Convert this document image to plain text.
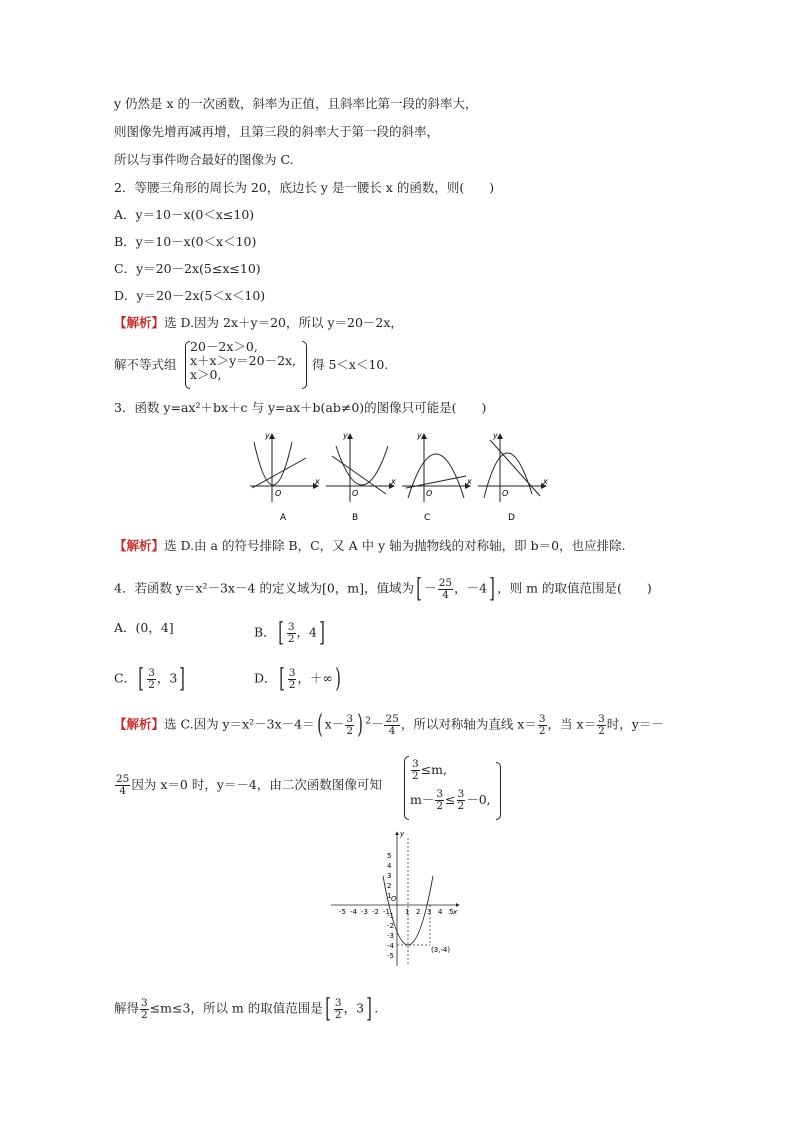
y 仍然是 x 的一次函数，斜率为正值，且斜率比第一段的斜率大，
则图像先增再减再增，且第三段的斜率大于第一段的斜率，
所以与事件吻合最好的图像为 C.
2．等腰三角形的周长为 20，底边长 y 是一腰长 x 的函数，则(　　)
A．y＝10－x(0＜x≤10)
B．y＝10－x(0＜x＜10)
C．y＝20－2x(5≤x≤10)
D．y＝20－2x(5＜x＜10)
【解析】选 D.因为 2x＋y＝20，所以 y＝20－2x，
解不等式组
20－2x＞0,
x＋x＞y＝20－2x,
x＞0,
得 5＜x＜10.
3．函数 y=ax²＋bx＋c 与 y=ax＋b(ab≠0)的图像只可能是(　　)
y
x
O
A
y
x
O
B
y
x
O
C
y
x
O
D
【解析】选 D.由 a 的符号排除 B，C，又 A 中 y 轴为抛物线的对称轴，即 b＝0，也应排除.
4．若函数 y＝x²－3x－4 的定义域为[0，m]，值域为[ － $\frac{25}{4}$ ，－4] ，则 m 的取值范围是(　　)
A．(0，4]	B．[ $\frac{3}{2}$ ，4]
C．[ $\frac{3}{2}$ ，3]	D．[ $\frac{3}{2}$ ，＋∞)
【解析】选 C.因为 y＝x²－3x－4＝( $x- \frac{3}{2}$ ) $^2- \frac{25}{4}$ ，所以对称轴为直线 $x= \frac{3}{2}$ ，当 $x= \frac{3}{2}$ 时，y＝－
$\frac{25}{4}$ 因为 x＝0 时，y＝－4，由二次函数图像可知
$\frac{3}{2} \le m$,
$m- \frac{3}{2} \le \frac{3}{2} -0$,
-5 -4 -3 -2 -1 1 2 3 4 5
5
4
3
2
1
-1
-2
-3
-4
-5
O
x
y
(3,-4)
解得 $\frac{3}{2} \le m\le 3$，所以 m 的取值范围是[ $\frac{3}{2}$ ，3] .
